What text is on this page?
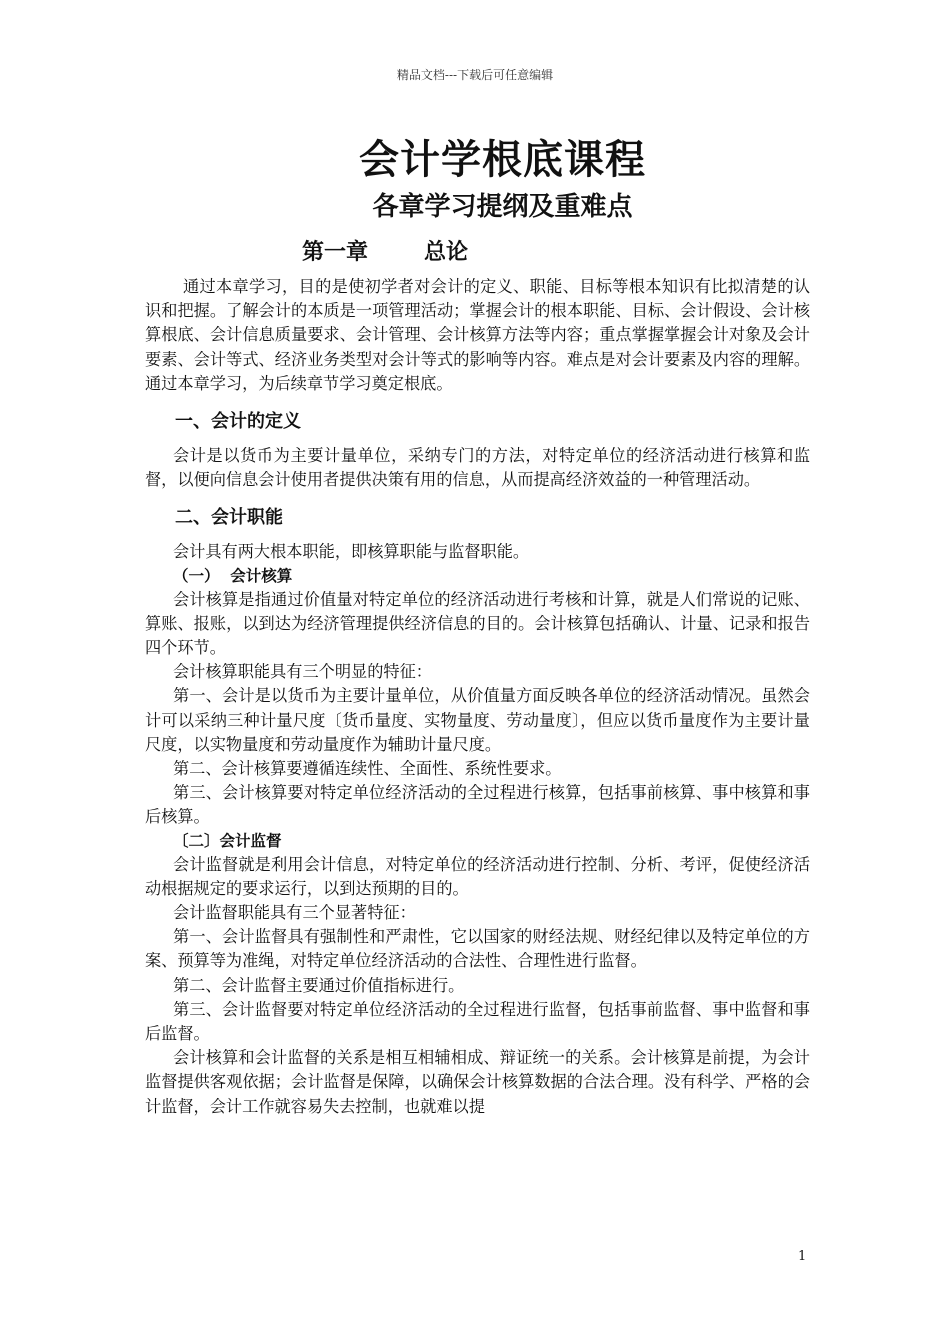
精品文档---下载后可任意编辑
会计学根底课程
各章学习提纲及重难点
第一章	总论

通过本章学习，目的是使初学者对会计的定义、职能、目标等根本知识有比拟清楚的认识和把握。了解会计的本质是一项管理活动；掌握会计的根本职能、目标、会计假设、会计核算根底、会计信息质量要求、会计管理、会计核算方法等内容；重点掌握掌握会计对象及会计要素、会计等式、经济业务类型对会计等式的影响等内容。难点是对会计要素及内容的理解。通过本章学习，为后续章节学习奠定根底。

一、会计的定义

会计是以货币为主要计量单位，采纳专门的方法，对特定单位的经济活动进行核算和监督，以便向信息会计使用者提供决策有用的信息，从而提高经济效益的一种管理活动。

二、会计职能

会计具有两大根本职能，即核算职能与监督职能。

（一）  会计核算

会计核算是指通过价值量对特定单位的经济活动进行考核和计算，就是人们常说的记账、算账、报账，以到达为经济管理提供经济信息的目的。会计核算包括确认、计量、记录和报告四个环节。

会计核算职能具有三个明显的特征：

第一、会计是以货币为主要计量单位，从价值量方面反映各单位的经济活动情况。虽然会计可以采纳三种计量尺度〔货币量度、实物量度、劳动量度〕，但应以货币量度作为主要计量尺度，以实物量度和劳动量度作为辅助计量尺度。

第二、会计核算要遵循连续性、全面性、系统性要求。

第三、会计核算要对特定单位经济活动的全过程进行核算，包括事前核算、事中核算和事后核算。

〔二〕会计监督

会计监督就是利用会计信息，对特定单位的经济活动进行控制、分析、考评，促使经济活动根据规定的要求运行，以到达预期的目的。

会计监督职能具有三个显著特征：

第一、会计监督具有强制性和严肃性，它以国家的财经法规、财经纪律以及特定单位的方案、预算等为准绳，对特定单位经济活动的合法性、合理性进行监督。

第二、会计监督主要通过价值指标进行。

第三、会计监督要对特定单位经济活动的全过程进行监督，包括事前监督、事中监督和事后监督。

会计核算和会计监督的关系是相互相辅相成、辩证统一的关系。会计核算是前提，为会计监督提供客观依据；会计监督是保障，以确保会计核算数据的合法合理。没有科学、严格的会计监督，会计工作就容易失去控制，也就难以提

1
